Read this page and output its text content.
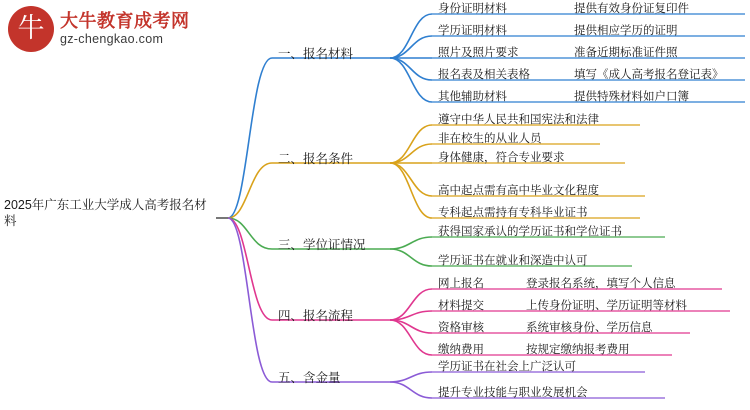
牛 大牛教育成考网
gz-chengkao.com
2025年广东工业大学成人高考报名材料
一、报名材料
身份证明材料	提供有效身份证复印件
学历证明材料	提供相应学历的证明
照片及照片要求	准备近期标准证件照
报名表及相关表格	填写《成人高考报名登记表》
其他辅助材料	提供特殊材料如户口簿
二、报名条件
遵守中华人民共和国宪法和法律
非在校生的从业人员
身体健康，符合专业要求
高中起点需有高中毕业文化程度
专科起点需持有专科毕业证书
三、学位证情况
获得国家承认的学历证书和学位证书
学历证书在就业和深造中认可
四、报名流程
网上报名	登录报名系统，填写个人信息
材料提交	上传身份证明、学历证明等材料
资格审核	系统审核身份、学历信息
缴纳费用	按规定缴纳报考费用
五、含金量
学历证书在社会上广泛认可
提升专业技能与职业发展机会
